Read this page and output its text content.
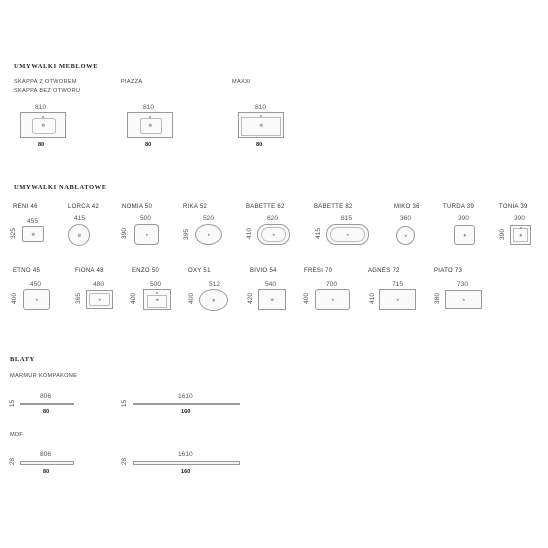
UMYWALKI MEBLOWE
SKAPPA Z OTWOREM
SKAPPA BEZ OTWORU
PIAZZA	MAXXI
810	810	810
80	80	80
UMYWALKI NABLATOWE
RENI 46
455
325
LORCA 42
415
NOMIA 50
500
390
RIKA 52
520
395
BABETTE 62
620
410
BABETTE 82
815
415
MIKO 36
360
TURDA 39
390
TONIA 39
390
390
ETNO 45
450
400
FIONA 48
480
365
ENZO 50
500
400
OXY 51
512
400
BIVIO 54
540
420
FRESI 70
700
400
AGNES 72
715
410
PIATO 73
730
380
BLATY
MARMUR KOMPAKONE
806
15
80
1610
15
160
MDF
806
28
80
1610
28
160
